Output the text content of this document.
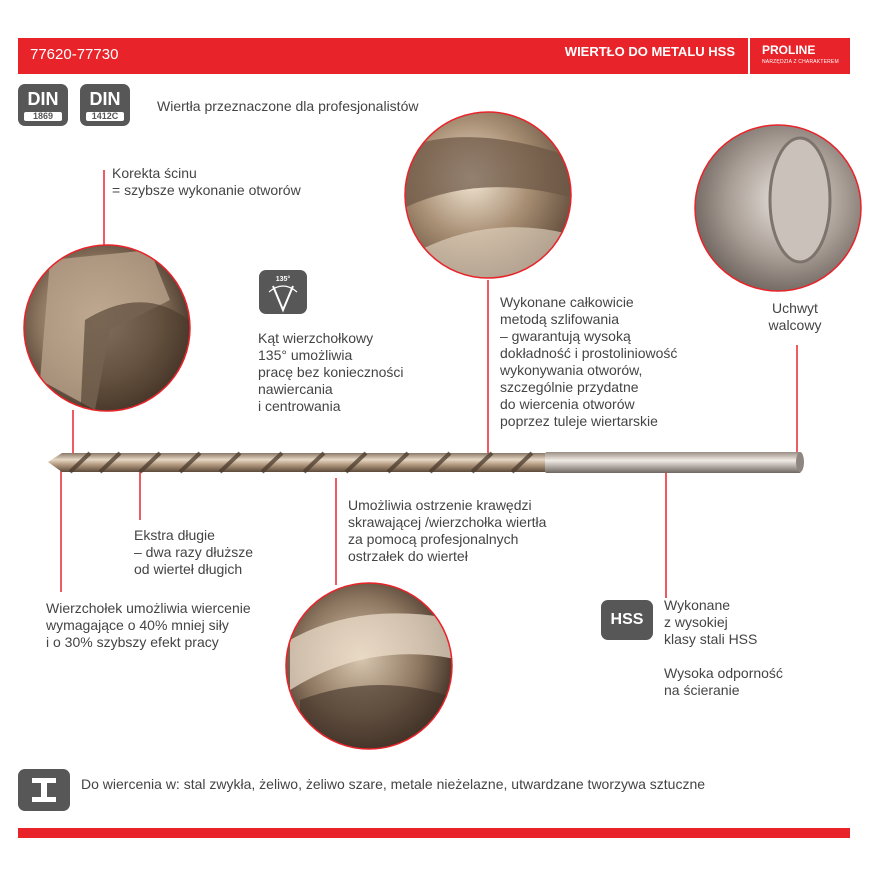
77620-77730	WIERTŁO DO METALU HSS PROLINE
NARZĘDZIA Z CHARAKTEREM
DIN
1869
DIN
1412C
Wiertła przeznaczone dla profesjonalistów
Korekta ścinu
= szybsze wykonanie otworów
135°
Kąt wierzchołkowy
135° umożliwia
pracę bez konieczności
nawiercania
i centrowania
Wykonane całkowicie
metodą szlifowania
– gwarantują wysoką
dokładność i prostoliniowość
wykonywania otworów,
szczególnie przydatne
do wiercenia otworów
poprzez tuleje wiertarskie
Uchwyt
walcowy
Umożliwia ostrzenie krawędzi
skrawającej /wierzchołka wiertła
za pomocą profesjonalnych
ostrzałek do wierteł
Ekstra długie
– dwa razy dłuższe
od wierteł długich
Wierzchołek umożliwia wiercenie
wymagające o 40% mniej siły
i o 30% szybszy efekt pracy
HSS
Wykonane
z wysokiej
klasy stali HSS
Wysoka odporność
na ścieranie
Do wiercenia w: stal zwykła, żeliwo, żeliwo szare, metale nieżelazne, utwardzane tworzywa sztuczne
